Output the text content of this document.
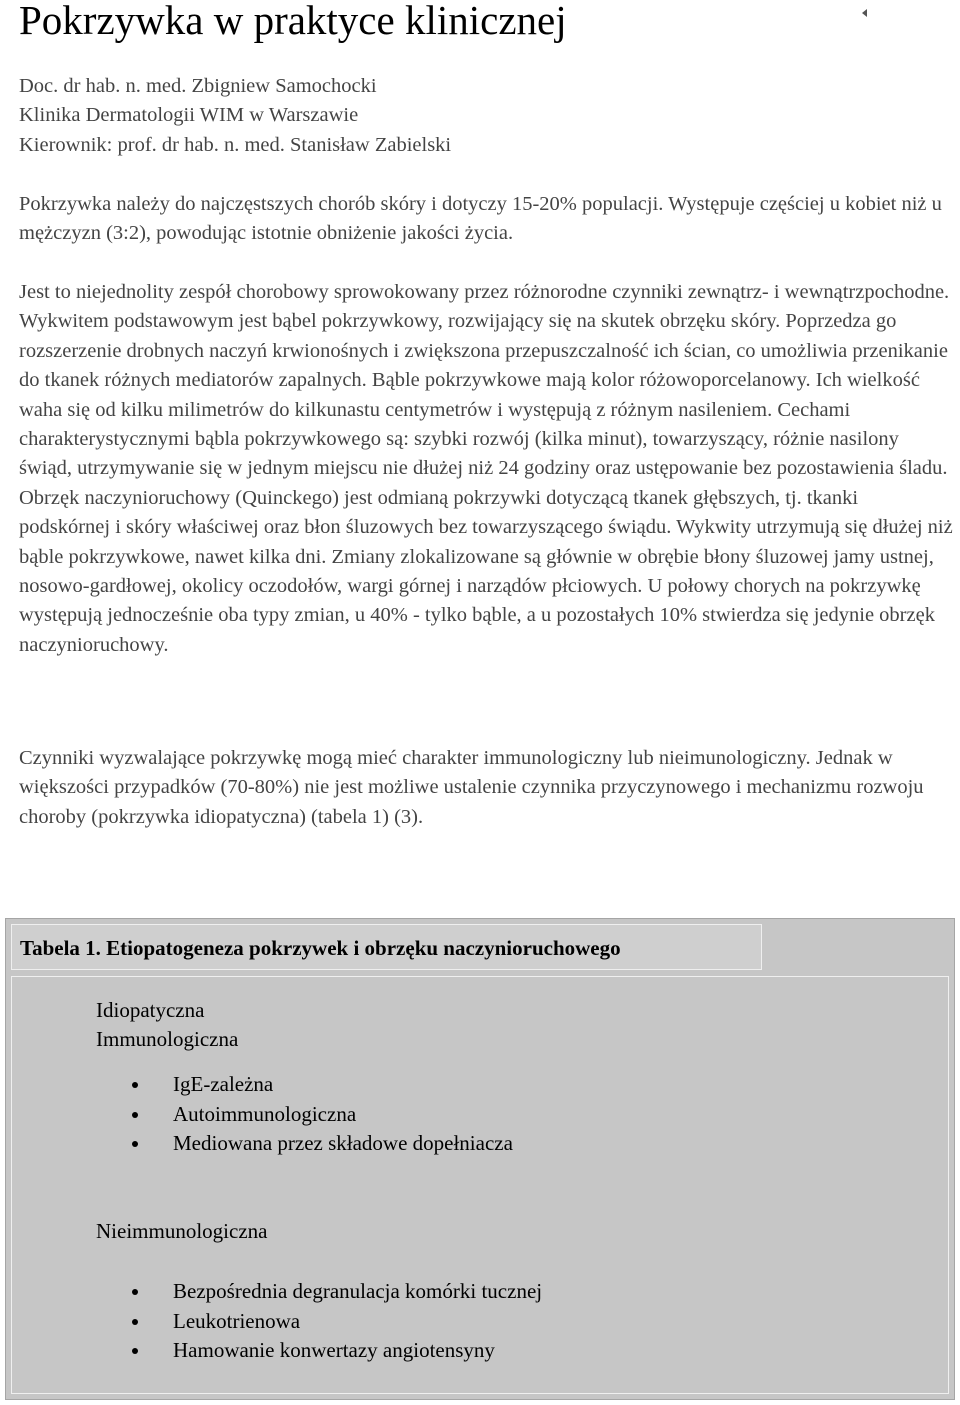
Pokrzywka w praktyce klinicznej
Doc. dr hab. n. med. Zbigniew Samochocki
Klinika Dermatologii WIM w Warszawie
Kierownik: prof. dr hab. n. med. Stanisław Zabielski

Pokrzywka należy do najczęstszych chorób skóry i dotyczy 15-20% populacji. Występuje częściej u kobiet niż u mężczyzn (3:2), powodując istotnie obniżenie jakości życia.

Jest to niejednolity zespół chorobowy sprowokowany przez różnorodne czynniki zewnątrz- i wewnątrzpochodne. Wykwitem podstawowym jest bąbel pokrzywkowy, rozwijający się na skutek obrzęku skóry. Poprzedza go rozszerzenie drobnych naczyń krwionośnych i zwiększona przepuszczalność ich ścian, co umożliwia przenikanie do tkanek różnych mediatorów zapalnych. Bąble pokrzywkowe mają kolor różowoporcelanowy. Ich wielkość waha się od kilku milimetrów do kilkunastu centymetrów i występują z różnym nasileniem. Cechami charakterystycznymi bąbla pokrzywkowego są: szybki rozwój (kilka minut), towarzyszący, różnie nasilony świąd, utrzymywanie się w jednym miejscu nie dłużej niż 24 godziny oraz ustępowanie bez pozostawienia śladu. Obrzęk naczynioruchowy (Quinckego) jest odmianą pokrzywki dotyczącą tkanek głębszych, tj. tkanki podskórnej i skóry właściwej oraz błon śluzowych bez towarzyszącego świądu. Wykwity utrzymują się dłużej niż bąble pokrzywkowe, nawet kilka dni. Zmiany zlokalizowane są głównie w obrębie błony śluzowej jamy ustnej, nosowo-gardłowej, okolicy oczodołów, wargi górnej i narządów płciowych. U połowy chorych na pokrzywkę występują jednocześnie oba typy zmian, u 40% - tylko bąble, a u pozostałych 10% stwierdza się jedynie obrzęk naczynioruchowy.

Czynniki wyzwalające pokrzywkę mogą mieć charakter immunologiczny lub nieimunologiczny. Jednak w większości przypadków (70-80%) nie jest możliwe ustalenie czynnika przyczynowego i mechanizmu rozwoju choroby (pokrzywka idiopatyczna) (tabela 1) (3).

Tabela 1. Etiopatogeneza pokrzywek i obrzęku naczynioruchowego
Idiopatyczna
Immunologiczna
IgE-zależna
Autoimmunologiczna
Mediowana przez składowe dopełniacza
Nieimmunologiczna
Bezpośrednia degranulacja komórki tucznej
Leukotrienowa
Hamowanie konwertazy angiotensyny
